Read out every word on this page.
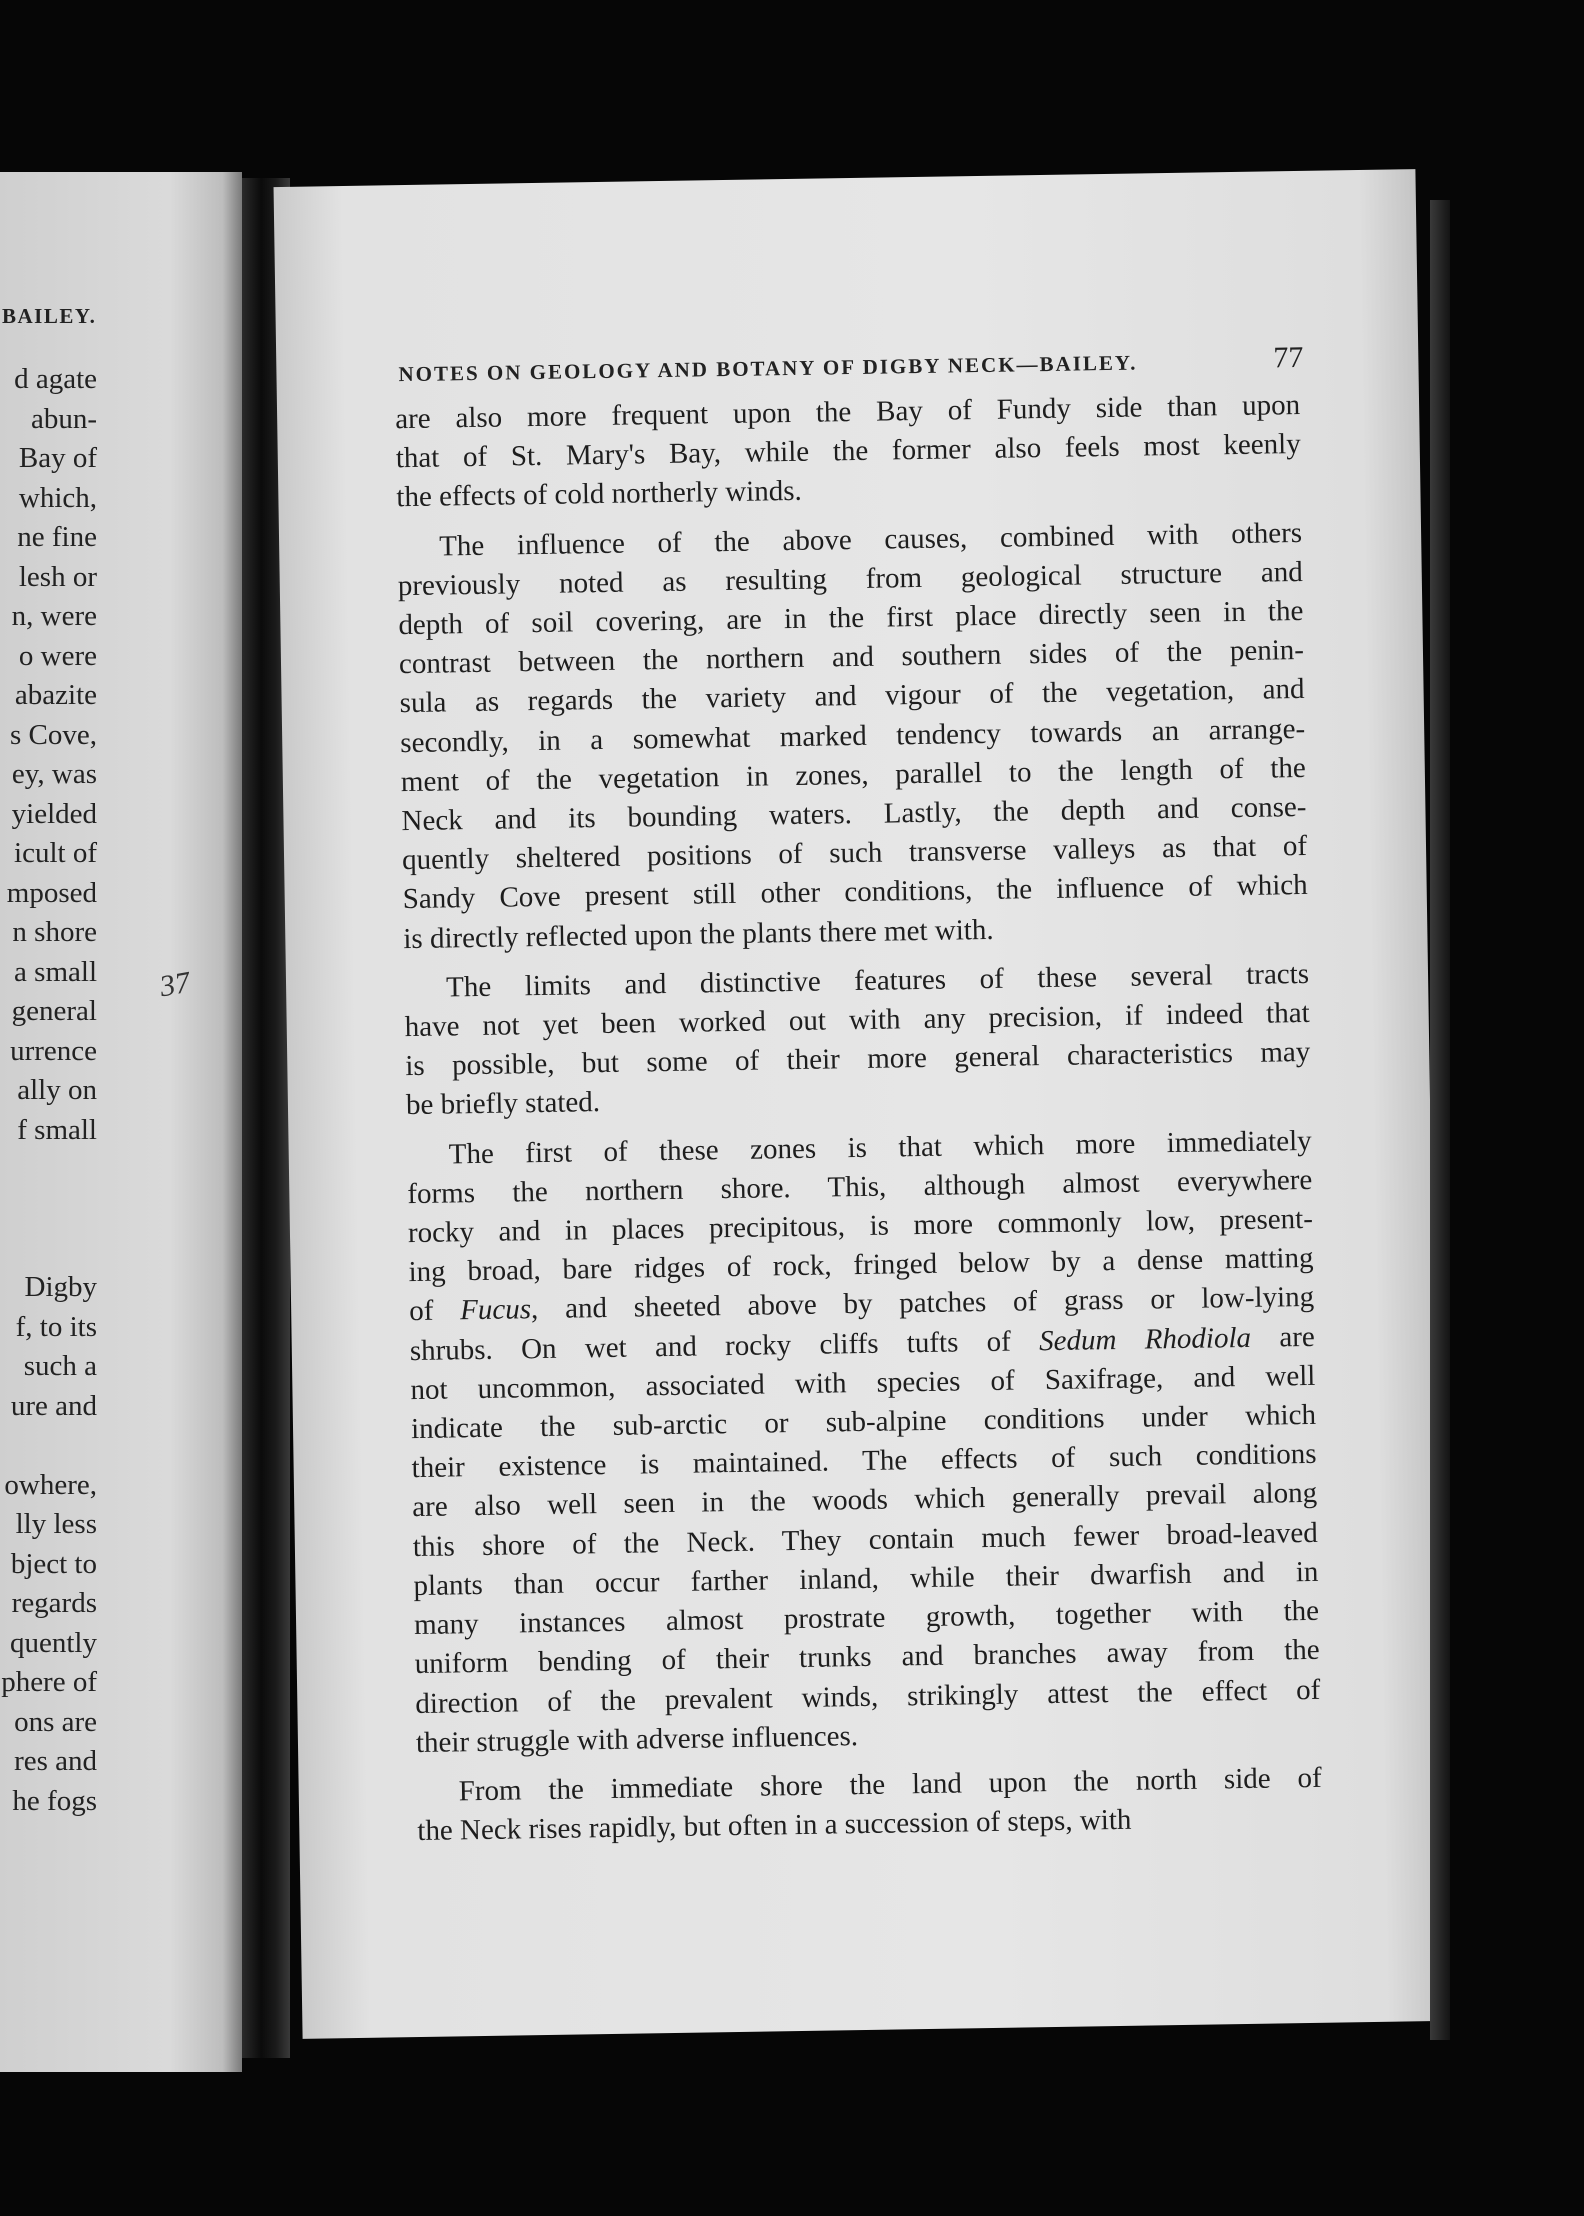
BAILEY.
d agate
abun-
Bay of
which,
ne fine
lesh or
n, were
o were
abazite
s Cove,
ey, was
yielded
icult of
mposed
n shore
a small
general
urrence
ally on
f small
Digby
f, to its
such a
ure and

owhere,
lly less
bject to
regards
quently
phere of
ons are
res and
he fogs
NOTES ON GEOLOGY AND BOTANY OF DIGBY NECK—BAILEY.	77

are also more frequent upon the Bay of Fundy side than upon
that of St. Mary's Bay, while the former also feels most keenly
the effects of cold northerly winds.

The influence of the above causes, combined with others
previously noted as resulting from geological structure and
depth of soil covering, are in the first place directly seen in the
contrast between the northern and southern sides of the penin-
sula as regards the variety and vigour of the vegetation, and
secondly, in a somewhat marked tendency towards an arrange-
ment of the vegetation in zones, parallel to the length of the
Neck and its bounding waters. Lastly, the depth and conse-
quently sheltered positions of such transverse valleys as that of
Sandy Cove present still other conditions, the influence of which
is directly reflected upon the plants there met with.

The limits and distinctive features of these several tracts
have not yet been worked out with any precision, if indeed that
is possible, but some of their more general characteristics may
be briefly stated.

The first of these zones is that which more immediately
forms the northern shore. This, although almost everywhere
rocky and in places precipitous, is more commonly low, present-
ing broad, bare ridges of rock, fringed below by a dense matting
of Fucus, and sheeted above by patches of grass or low-lying
shrubs. On wet and rocky cliffs tufts of Sedum Rhodiola are
not uncommon, associated with species of Saxifrage, and well
indicate the sub-arctic or sub-alpine conditions under which
their existence is maintained. The effects of such conditions
are also well seen in the woods which generally prevail along
this shore of the Neck. They contain much fewer broad-leaved
plants than occur farther inland, while their dwarfish and in
many instances almost prostrate growth, together with the
uniform bending of their trunks and branches away from the
direction of the prevalent winds, strikingly attest the effect of
their struggle with adverse influences.

From the immediate shore the land upon the north side of
the Neck rises rapidly, but often in a succession of steps, with

37
